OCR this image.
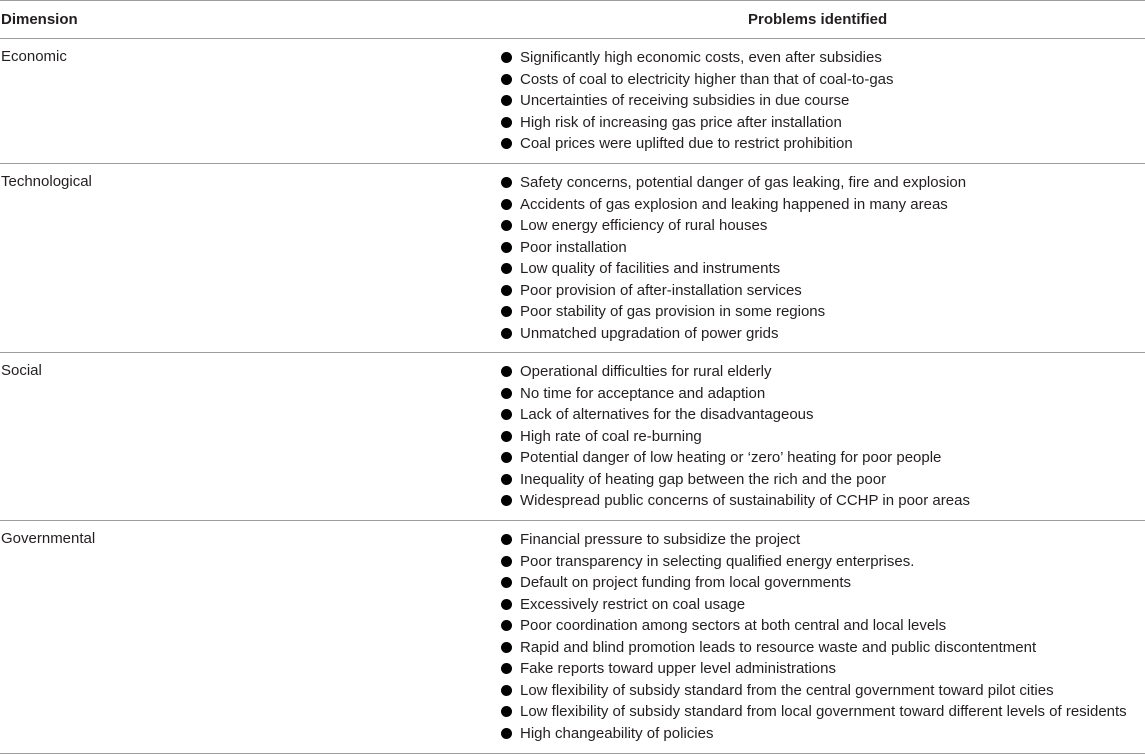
Dimension	Problems identified
Economic	Significantly high economic costs, even after subsidies
Costs of coal to electricity higher than that of coal-to-gas
Uncertainties of receiving subsidies in due course
High risk of increasing gas price after installation
Coal prices were uplifted due to restrict prohibition
Technological	Safety concerns, potential danger of gas leaking, fire and explosion
Accidents of gas explosion and leaking happened in many areas
Low energy efficiency of rural houses
Poor installation
Low quality of facilities and instruments
Poor provision of after-installation services
Poor stability of gas provision in some regions
Unmatched upgradation of power grids
Social	Operational difficulties for rural elderly
No time for acceptance and adaption
Lack of alternatives for the disadvantageous
High rate of coal re-burning
Potential danger of low heating or ‘zero’ heating for poor people
Inequality of heating gap between the rich and the poor
Widespread public concerns of sustainability of CCHP in poor areas
Governmental	Financial pressure to subsidize the project
Poor transparency in selecting qualified energy enterprises.
Default on project funding from local governments
Excessively restrict on coal usage
Poor coordination among sectors at both central and local levels
Rapid and blind promotion leads to resource waste and public discontentment
Fake reports toward upper level administrations
Low flexibility of subsidy standard from the central government toward pilot cities
Low flexibility of subsidy standard from local government toward different levels of residents
High changeability of policies
